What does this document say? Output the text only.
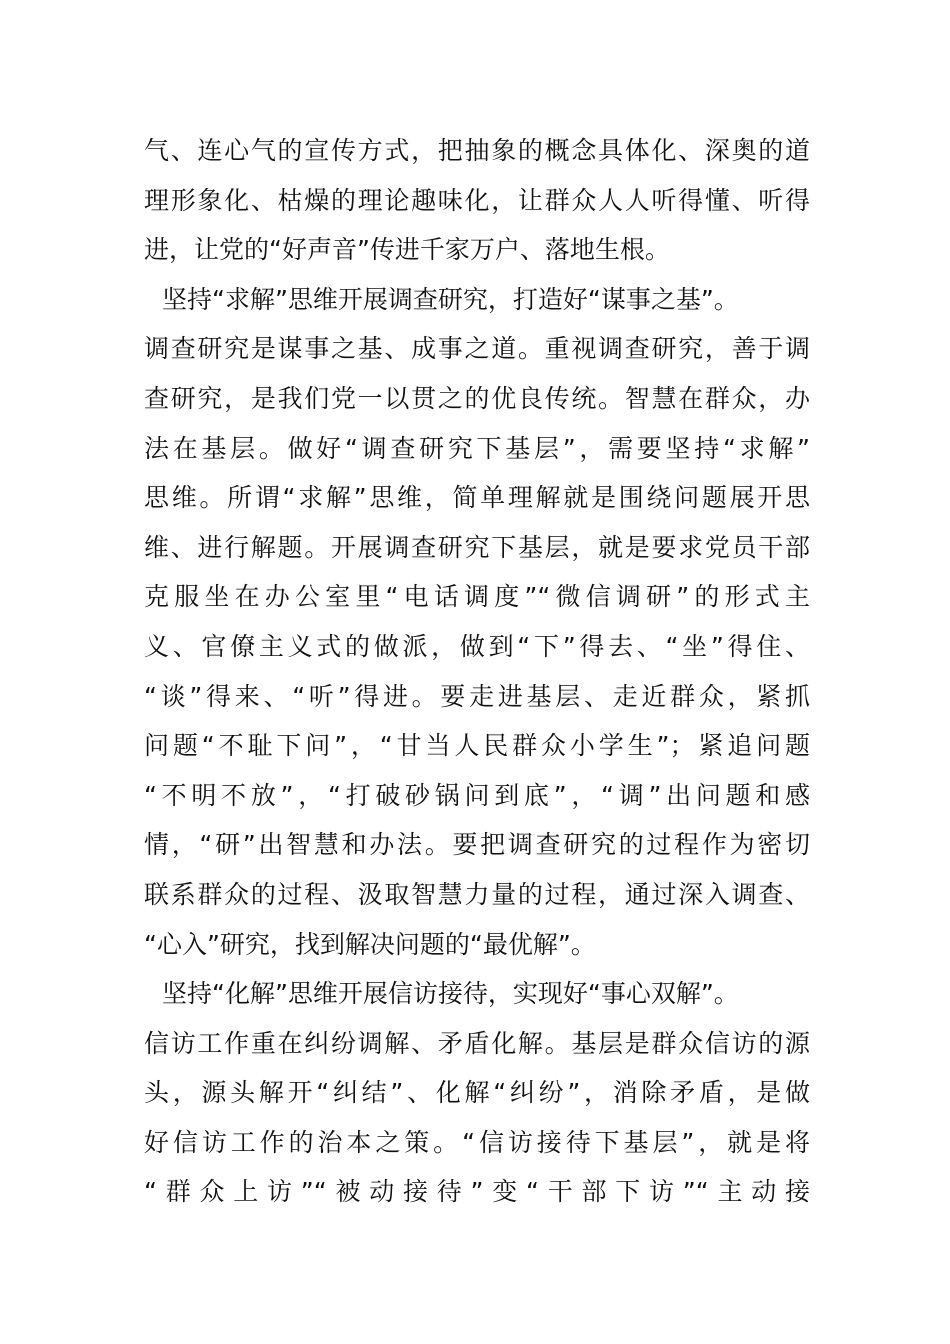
气、连心气的宣传方式，把抽象的概念具体化、深奥的道
理形象化、枯燥的理论趣味化，让群众人人听得懂、听得
进，让党的“好声音”传进千家万户、落地生根。
坚持“求解”思维开展调查研究，打造好“谋事之基”。
调查研究是谋事之基、成事之道。重视调查研究，善于调
查研究，是我们党一以贯之的优良传统。智慧在群众，办
法在基层。做好“调查研究下基层”，需要坚持“求解”
思维。所谓“求解”思维，简单理解就是围绕问题展开思
维、进行解题。开展调查研究下基层，就是要求党员干部
克服坐在办公室里“电话调度”“微信调研”的形式主
义、官僚主义式的做派，做到“下”得去、“坐”得住、
“谈”得来、“听”得进。要走进基层、走近群众，紧抓
问题“不耻下问”，“甘当人民群众小学生”；紧追问题
“不明不放”，“打破砂锅问到底”，“调”出问题和感
情，“研”出智慧和办法。要把调查研究的过程作为密切
联系群众的过程、汲取智慧力量的过程，通过深入调查、
“心入”研究，找到解决问题的“最优解”。
坚持“化解”思维开展信访接待，实现好“事心双解”。
信访工作重在纠纷调解、矛盾化解。基层是群众信访的源
头，源头解开“纠结”、化解“纠纷”，消除矛盾，是做
好信访工作的治本之策。“信访接待下基层”，就是将
“群众上访”“被动接待”变“干部下访”“主动接
